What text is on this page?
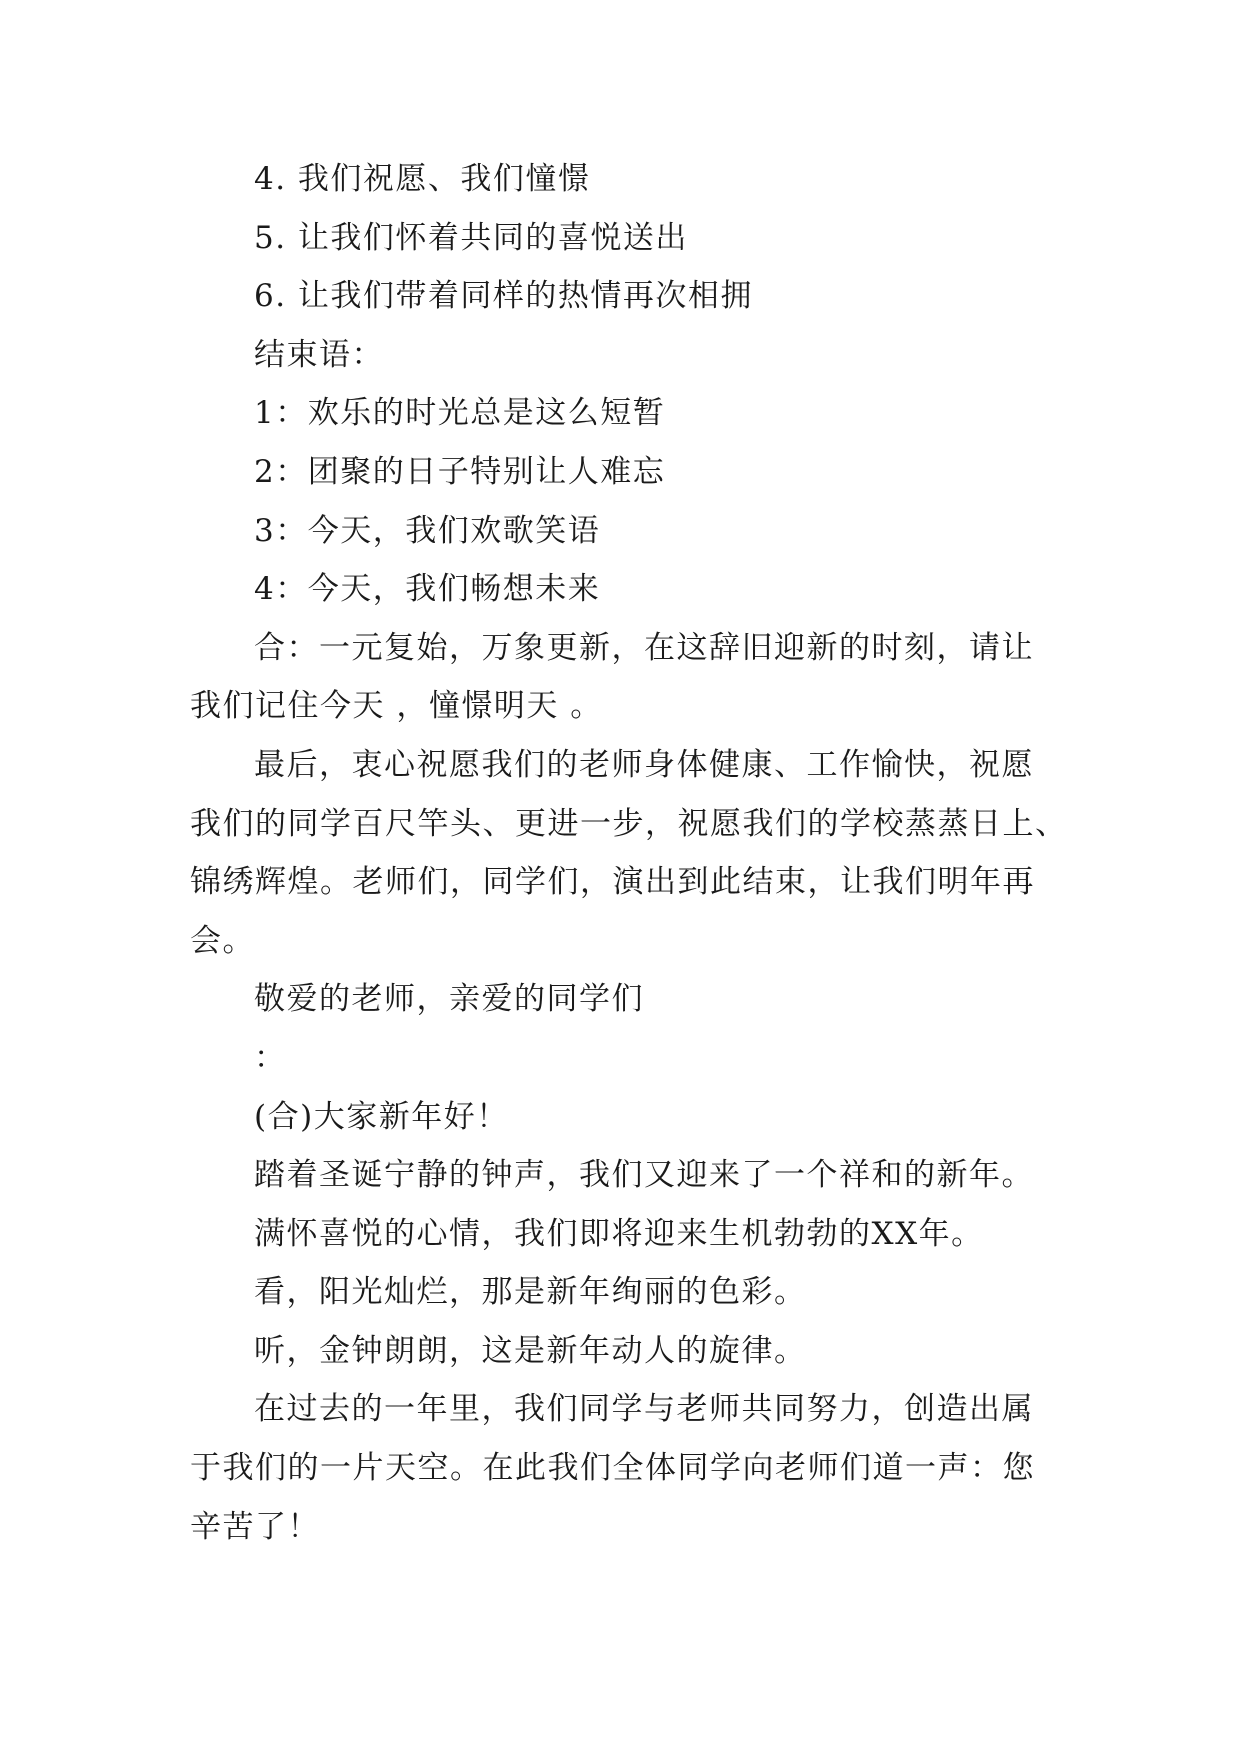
4. 我们祝愿、我们憧憬
5. 让我们怀着共同的喜悦送出
6. 让我们带着同样的热情再次相拥
结束语：
1：欢乐的时光总是这么短暂
2：团聚的日子特别让人难忘
3：今天，我们欢歌笑语
4：今天，我们畅想未来
合：一元复始，万象更新，在这辞旧迎新的时刻，请让
我们记住今天 ，憧憬明天 。
最后，衷心祝愿我们的老师身体健康、工作愉快，祝愿
我们的同学百尺竿头、更进一步，祝愿我们的学校蒸蒸日上、
锦绣辉煌。老师们，同学们，演出到此结束，让我们明年再
会。
敬爱的老师，亲爱的同学们
：
(合)大家新年好！
踏着圣诞宁静的钟声，我们又迎来了一个祥和的新年。
满怀喜悦的心情，我们即将迎来生机勃勃的XX年。
看，阳光灿烂，那是新年绚丽的色彩。
听，金钟朗朗，这是新年动人的旋律。
在过去的一年里，我们同学与老师共同努力，创造出属
于我们的一片天空。在此我们全体同学向老师们道一声：您
辛苦了！
